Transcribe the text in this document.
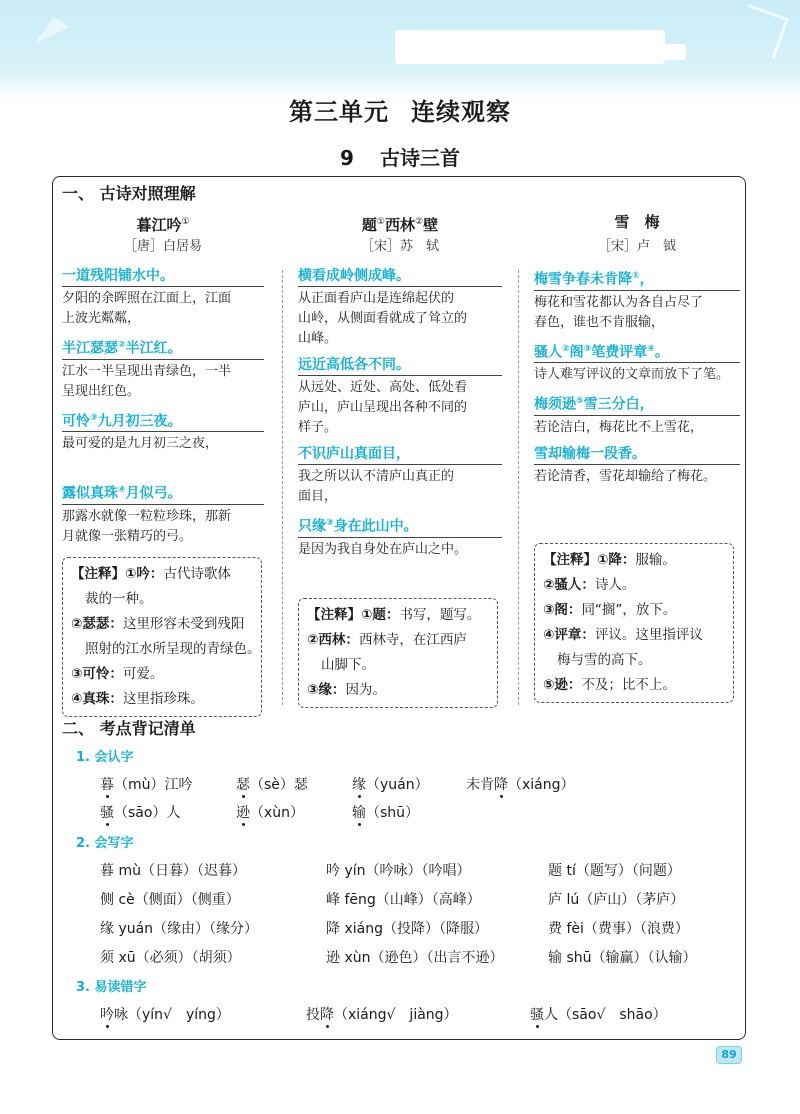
第三单元 连续观察
9 古诗三首
一、 古诗对照理解
暮江吟①
［唐］白居易
一道残阳铺水中。
夕阳的余晖照在江面上，江面
上波光粼粼，
半江瑟瑟②半江红。
江水一半呈现出青绿色，一半
呈现出红色。
可怜③九月初三夜。
最可爱的是九月初三之夜，

露似真珠④月似弓。
那露水就像一粒粒珍珠，那新
月就像一张精巧的弓。
【注释】①吟：古代诗歌体
裁的一种。
②瑟瑟：这里形容未受到残阳
照射的江水所呈现的青绿色。
③可怜：可爱。
④真珠：这里指珍珠。
题①西林②壁
［宋］苏　轼
横看成岭侧成峰。
从正面看庐山是连绵起伏的
山岭，从侧面看就成了耸立的
山峰。
远近高低各不同。
从远处、近处、高处、低处看
庐山，庐山呈现出各种不同的
样子。
不识庐山真面目，
我之所以认不清庐山真正的
面目，
只缘③身在此山中。
是因为我自身处在庐山之中。
【注释】①题：书写，题写。
②西林：西林寺，在江西庐
山脚下。
③缘：因为。
雪　梅
［宋］卢　钺
梅雪争春未肯降①，
梅花和雪花都认为各自占尽了
春色，谁也不肯服输，
骚人②阁③笔费评章④。
诗人难写评议的文章而放下了笔。
梅须逊⑤雪三分白，
若论洁白，梅花比不上雪花，
雪却输梅一段香。
若论清香，雪花却输给了梅花。
【注释】①降：服输。
②骚人：诗人。
③阁：同“搁”，放下。
④评章：评议。这里指评议
梅与雪的高下。
⑤逊：不及；比不上。
二、 考点背记清单
1. 会认字
2. 会写字
3. 易读错字
89
暮（mù）江吟	瑟（sè）瑟	缘（yuán）	未肯降（xiáng）
骚（sāo）人	逊（xùn）	输（shū）
暮 mù（日暮）（迟暮）	吟 yín（吟咏）（吟唱）	题 tí（题写）（问题）
侧 cè（侧面）（侧重）	峰 fēng（山峰）（高峰）	庐 lú（庐山）（茅庐）
缘 yuán（缘由）（缘分）	降 xiáng（投降）（降服）	费 fèi（费事）（浪费）
须 xū（必须）（胡须）	逊 xùn（逊色）（出言不逊）	输 shū（输赢）（认输）
吟咏（yín√　yíng）	投降（xiáng√　jiàng）	骚人（sāo√　shāo）
